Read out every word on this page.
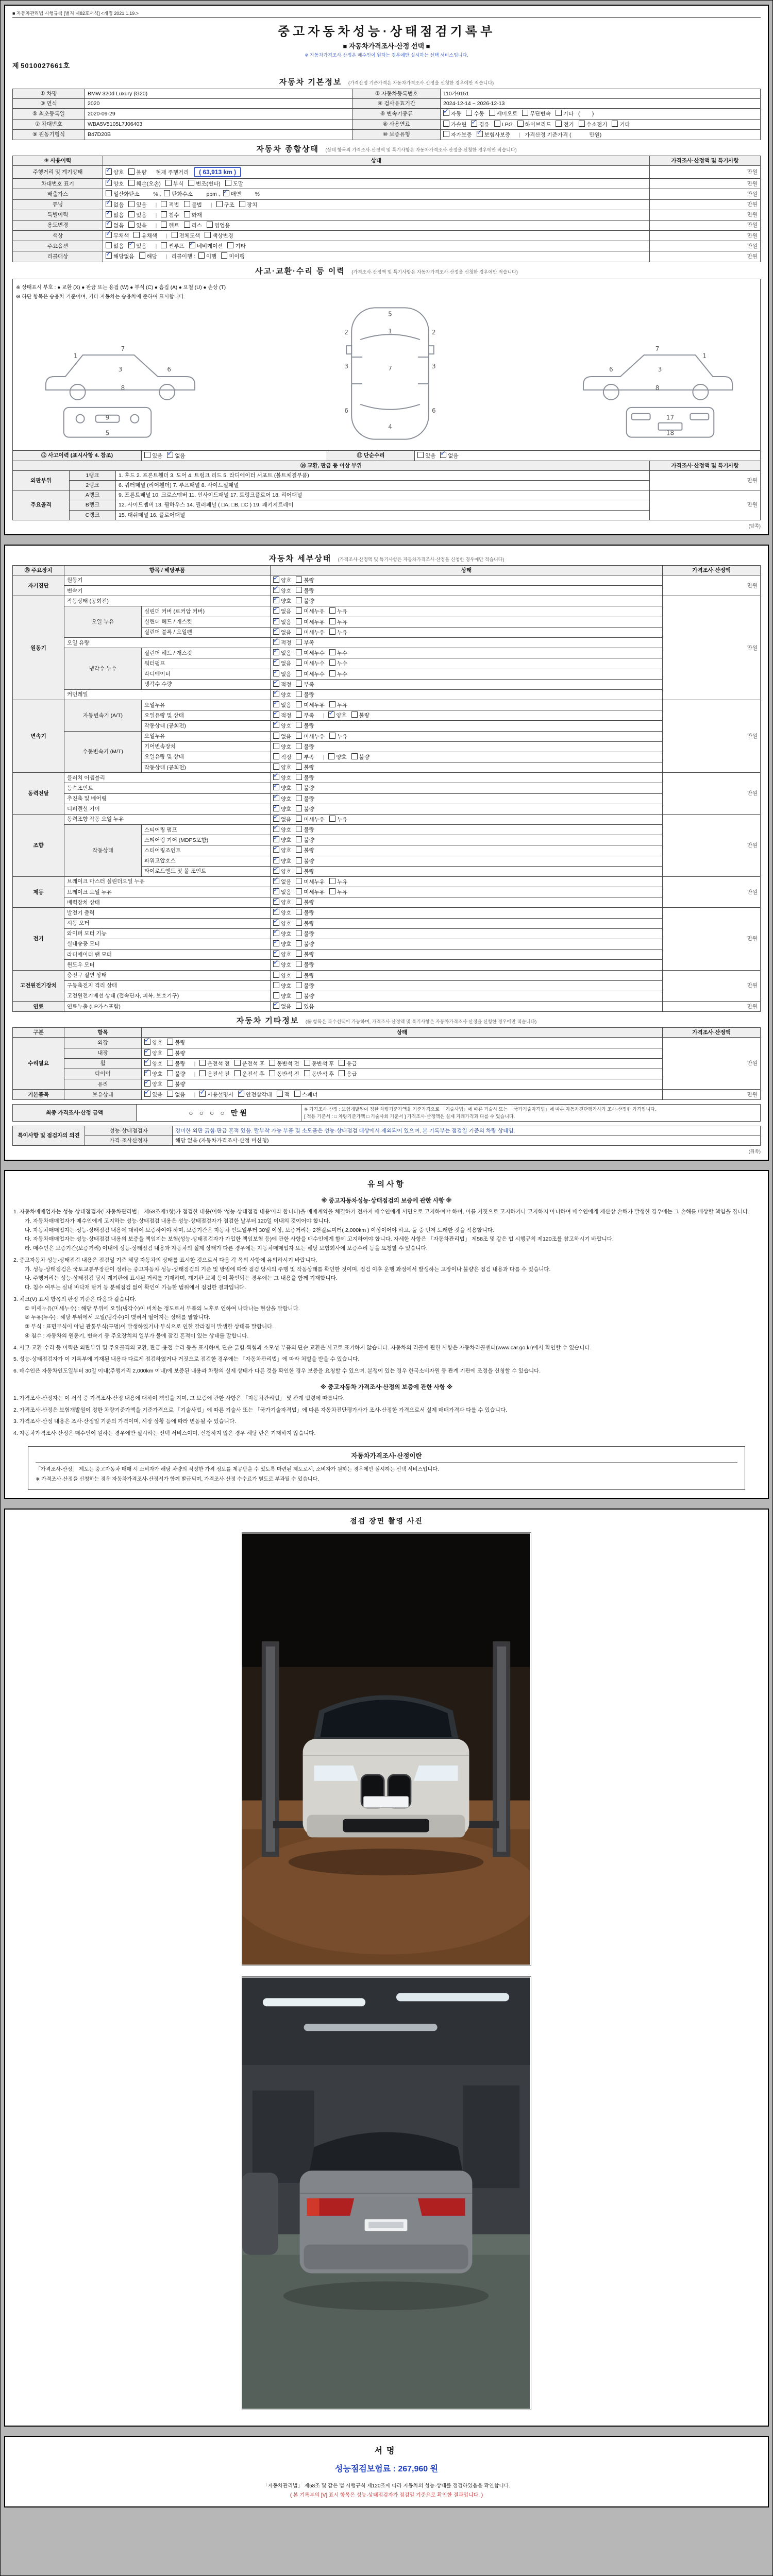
■ 자동차관리법 시행규칙 [별지 제82호서식] <개정 2021.1.19.>
중고자동차성능·상태점검기록부
■ 자동차가격조사·산정 선택 ■
※ 자동차가격조사·산정은 매수인이 원하는 경우에만 실시하는 선택 서비스입니다.
제 5010027661호
자동차 기본정보 (가격산정 기준가격은 자동차가격조사·산정을 신청한 경우에만 적습니다)
① 차명	BMW 320d Luxury (G20)	② 자동차등록번호	110가9151
③ 연식	2020	④ 검사유효기간	2024-12-14 ~ 2026-12-13
⑤ 최초등록일	2020-09-29	⑥ 변속기종류	✓자동 수동 세미오토 무단변속 기타 (        )
⑦ 차대번호	WBA5V5105L7J06403	⑧ 사용연료	가솔린 ✓ 경유 LPG 하이브리드 전기 수소전기 기타
⑨ 원동기형식	B47D20B	⑩ 보증유형	자가보증 ✓ 보험사보증 | 가격산정 기준가격 (            만원)
자동차 종합상태 (상태 항목의 가격조사·산정액 및 특기사항은 자동차가격조사·산정을 신청한 경우에만 적습니다)
⑨ 사용이력	상태	가격조사·산정액 및 특기사항
주행거리 및 계기상태	✓양호 불량   현재 주행거리 ( 63,913 km )	만원
차대번호 표기	✓양호 훼손(오손) 부식 변조(변타) 도말	만원
배출가스	일산화탄소      % , 탄화수소      ppm , ✓ 매연      %	만원
튜닝	✓없음 있음 | 적법 불법 | 구조 장치	만원
특별이력	✓없음 있음 | 침수 화재	만원
용도변경	✓없음 있음 | 렌트 리스 영업용	만원
색상	✓무채색 유채색 | 전체도색 색상변경	만원
주요옵션	없음 ✓ 있음 | 썬루프 ✓ 네비게이션 기타	만원
리콜대상	✓해당없음 해당 | 리콜이행 : 이행 미이행	만원
사고·교환·수리 등 이력 (가격조사·산정액 및 특기사항은 자동차가격조사·산정을 신청한 경우에만 적습니다)
※ 상태표시 부호 : ● 교환 (X) ● 판금 또는 용접 (W) ● 부식 (C) ● 흠집 (A) ● 요철 (U) ● 손상 (T)
※ 하단 항목은 승용차 기준이며, 기타 자동차는 승용차에 준하여 표시합니다.
5
1
2	2
3	3
7
6	6
4
1
7
3	6
8
9
5
1
7
3
6
8
17
18
⑫ 사고이력 (표시사항 4. 참조)	있음 ✓ 없음	⑬ 단순수리	있음 ✓ 없음
⑭ 교환, 판금 등 이상 부위			가격조사·산정액 및 특기사항
외판부위	1랭크	1. 후드 2. 프론트휀더 3. 도어 4. 트렁크 리드 5. 라디에이터 서포트 (볼트체결부품)	만원
	2랭크	6. 쿼터패널 (리어휀더) 7. 루프패널 8. 사이드실패널	
주요골격	A랭크	9. 프론트패널 10. 크로스멤버 11. 인사이드패널 17. 트렁크플로어 18. 리어패널	만원
	B랭크	12. 사이드멤버 13. 휠하우스 14. 필러패널 ( □A, □B, □C ) 19. 패키지트레이	
	C랭크	15. 대쉬패널 16. 플로어패널	
(앞쪽)
자동차 세부상태 (가격조사·산정액 및 특기사항은 자동차가격조사·산정을 신청한 경우에만 적습니다)
⑮ 주요장치	항목 / 해당부품		상태	가격조사·산정액
자기진단	원동기	✓양호 불량	만원
	변속기	✓양호 불량
원동기	작동상태 (공회전)	✓양호 불량	만원
	오일 누유	실린더 커버 (로커암 커버)	✓없음 미세누유 누유
		실린더 헤드 / 개스킷	✓없음 미세누유 누유
		실린더 블록 / 오일팬	✓없음 미세누유 누유
	오일 유량	✓적정 부족
	냉각수 누수	실린더 헤드 / 개스킷	✓없음 미세누수 누수
		워터펌프	✓없음 미세누수 누수
		라디에이터	✓없음 미세누수 누수
		냉각수 수량	✓적정 부족
	커먼레일	✓양호 불량
변속기	자동변속기 (A/T)	오일누유	✓없음 미세누유 누유	만원
		오일유량 및 상태	✓적정 부족 | ✓ 양호 불량
		작동상태 (공회전)	✓양호 불량
	수동변속기 (M/T)	오일누유	없음 미세누유 누유	
		기어변속장치	양호 불량	
		오일유량 및 상태	적정 부족 | 양호 불량	
		작동상태 (공회전)	양호 불량	
동력전달	클러치 어셈블리	✓양호 불량	만원
	등속조인트	✓양호 불량
	추진축 및 베어링	✓양호 불량
	디퍼렌셜 기어	✓양호 불량
조향	동력조향 작동 오일 누유	✓없음 미세누유 누유	만원
	작동상태	스티어링 펌프	✓양호 불량
		스티어링 기어 (MDPS포함)	✓양호 불량
		스티어링조인트	✓양호 불량
		파워고압호스	✓양호 불량
		타이로드엔드 및 볼 조인트	✓양호 불량
제동	브레이크 마스터 실린더오일 누유	✓없음 미세누유 누유	만원
	브레이크 오일 누유	✓없음 미세누유 누유
	배력장치 상태	✓양호 불량
전기	발전기 출력	✓양호 불량	만원
	시동 모터	✓양호 불량
	와이퍼 모터 기능	✓양호 불량
	실내송풍 모터	✓양호 불량
	라디에이터 팬 모터	✓양호 불량
	윈도우 모터	✓양호 불량
고전원전기장치	충전구 절연 상태		양호 불량	만원
	구동축전지 격리 상태		양호 불량	
	고전원전기배선 상태 (접속단자, 피복, 보호기구)		양호 불량	
연료	연료누출 (LP가스포함)	✓없음 있음	만원
자동차 기타정보 (⑯ 항목은 복수선택이 가능하며, 가격조사·산정액 및 특기사항은 자동차가격조사·산정을 신청한 경우에만 적습니다)
구분	항목	상태	가격조사·산정액
수리필요	외장	✓양호 불량	만원
	내장	✓양호 불량
	휠	✓양호 불량 | 운전석 전 운전석 후 동반석 전 동반석 후 응급
	타이어	✓양호 불량 | 운전석 전 운전석 후 동반석 전 동반석 후 응급
	유리	✓양호 불량
기본품목	보유상태	✓있음 없음 | ✓ 사용설명서 ✓ 안전삼각대 잭 스패너	만원
최종 가격조사·산정 금액	○ ○ ○ ○ 만원	※ 가격조사·산정 : 보험개발원이 정한 차량기준가액을 기준가격으로 「기술사법」에 따른 기술사 또는 「국가기술자격법」에 따른 자동차진단평가사가 조사·산정한 가격입니다.
[ 적용 기준서 : □ 차량기준가액 □ 기술사회 기준서 ] 가격조사·산정액은 실제 거래가격과 다를 수 있습니다.
특이사항 및 점검자의 의견	성능·상태점검자	경미한 외판 긁힘·판금 흔적 있음. 탈부착 가능 부품 및 소모품은 성능·상태점검 대상에서 제외되어 있으며, 본 기록부는 점검일 기준의 차량 상태임.
	가격·조사산정자	해당 없음 (자동차가격조사·산정 미신청)
(뒤쪽)
유의사항
※ 중고자동차성능·상태점검의 보증에 관한 사항 ※
1. 자동차매매업자는 성능·상태점검자(「자동차관리법」 제58조제1항)가 점검한 내용(이하 '성능·상태점검 내용'이라 합니다)을 매매계약을 체결하기 전까지 매수인에게 서면으로 고지하여야 하며, 이를 거짓으로 고지하거나 고지하지 아니하여 매수인에게 재산상 손해가 발생한 경우에는 그 손해를 배상할 책임을 집니다.
가. 자동차매매업자가 매수인에게 고지하는 성능·상태점검 내용은 성능·상태점검자가 점검한 날부터 120일 이내의 것이어야 합니다.
나. 자동차매매업자는 성능·상태점검 내용에 대하여 보증하여야 하며, 보증기간은 자동차 인도일부터 30일 이상, 보증거리는 2천킬로미터( 2,000km ) 이상이어야 하고, 둘 중 먼저 도래한 것을 적용합니다.
다. 자동차매매업자는 성능·상태점검 내용의 보증을 책임지는 보험(성능·상태점검자가 가입한 책임보험 등)에 관한 사항을 매수인에게 함께 고지하여야 합니다. 자세한 사항은 「자동차관리법」 제58조 및 같은 법 시행규칙 제120조를 참고하시기 바랍니다.
라. 매수인은 보증기간(보증거리) 이내에 성능·상태점검 내용과 자동차의 실제 상태가 다른 경우에는 자동차매매업자 또는 해당 보험회사에 보증수리 등을 요청할 수 있습니다.
2. 중고자동차 성능·상태점검 내용은 점검일 기준 해당 자동차의 상태를 표시한 것으로서 다음 각 목의 사항에 유의하시기 바랍니다.
가. 성능·상태점검은 국토교통부장관이 정하는 중고자동차 성능·상태점검의 기준 및 방법에 따라 점검 당시의 주행 및 작동상태를 확인한 것이며, 점검 이후 운행 과정에서 발생하는 고장이나 불량은 점검 내용과 다를 수 있습니다.
나. 주행거리는 성능·상태점검 당시 계기판에 표시된 거리를 기재하며, 계기판 교체 등이 확인되는 경우에는 그 내용을 함께 기재합니다.
다. 침수 여부는 실내 바닥재 탈거 등 분해점검 없이 확인이 가능한 범위에서 점검한 결과입니다.
3. 체크(V) 표시 항목의 판정 기준은 다음과 같습니다.
① 미세누유(미세누수) : 해당 부위에 오일(냉각수)이 비치는 정도로서 부품의 노후로 인하여 나타나는 현상을 말합니다.
② 누유(누수) : 해당 부위에서 오일(냉각수)이 맺혀서 떨어지는 상태를 말합니다.
③ 부식 : 표면부식이 아닌 관통부식(구멍)이 발생하였거나 부식으로 인한 갈라짐이 발생한 상태를 말합니다.
④ 침수 : 자동차의 원동기, 변속기 등 주요장치의 일부가 물에 잠긴 흔적이 있는 상태를 말합니다.
4. 사고·교환·수리 등 이력은 외판부위 및 주요골격의 교환, 판금·용접 수리 등을 표시하며, 단순 긁힘·찍힘과 소모성 부품의 단순 교환은 사고로 표기하지 않습니다. 자동차의 리콜에 관한 사항은 자동차리콜센터(www.car.go.kr)에서 확인할 수 있습니다.
5. 성능·상태점검자가 이 기록부에 기재된 내용과 다르게 점검하였거나 거짓으로 점검한 경우에는 「자동차관리법」에 따라 처벌을 받을 수 있습니다.
6. 매수인은 자동차인도일부터 30일 이내(주행거리 2,000km 이내)에 보증된 내용과 차량의 실제 상태가 다른 것을 확인한 경우 보증을 요청할 수 있으며, 분쟁이 있는 경우 한국소비자원 등 관계 기관에 조정을 신청할 수 있습니다.
※ 중고자동차 가격조사·산정의 보증에 관한 사항 ※
1. 가격조사·산정자는 이 서식 중 가격조사·산정 내용에 대하여 책임을 지며, 그 보증에 관한 사항은 「자동차관리법」 및 관계 법령에 따릅니다.
2. 가격조사·산정은 보험개발원이 정한 차량기준가액을 기준가격으로 「기술사법」에 따른 기술사 또는 「국가기술자격법」에 따른 자동차진단평가사가 조사·산정한 가격으로서 실제 매매가격과 다를 수 있습니다.
3. 가격조사·산정 내용은 조사·산정일 기준의 가격이며, 시장 상황 등에 따라 변동될 수 있습니다.
4. 자동차가격조사·산정은 매수인이 원하는 경우에만 실시하는 선택 서비스이며, 신청하지 않은 경우 해당 란은 기재하지 않습니다.
자동차가격조사·산정이란

「가격조사·산정」 제도는 중고자동차 매매 시 소비자가 해당 차량의 적정한 가격 정보를 제공받을 수 있도록 마련된 제도로서, 소비자가 원하는 경우에만 실시하는 선택 서비스입니다.

※ 가격조사·산정을 신청하는 경우 자동차가격조사·산정서가 함께 발급되며, 가격조사·산정 수수료가 별도로 부과될 수 있습니다.

점검 장면 촬영 사진
서명
성능점검보험료 : 267,960 원
「자동차관리법」 제58조 및 같은 법 시행규칙 제120조에 따라 자동차의 성능·상태를 점검하였음을 확인합니다.
( 본 기록부의 [V] 표시 항목은 성능·상태점검자가 점검일 기준으로 확인한 결과입니다. )
